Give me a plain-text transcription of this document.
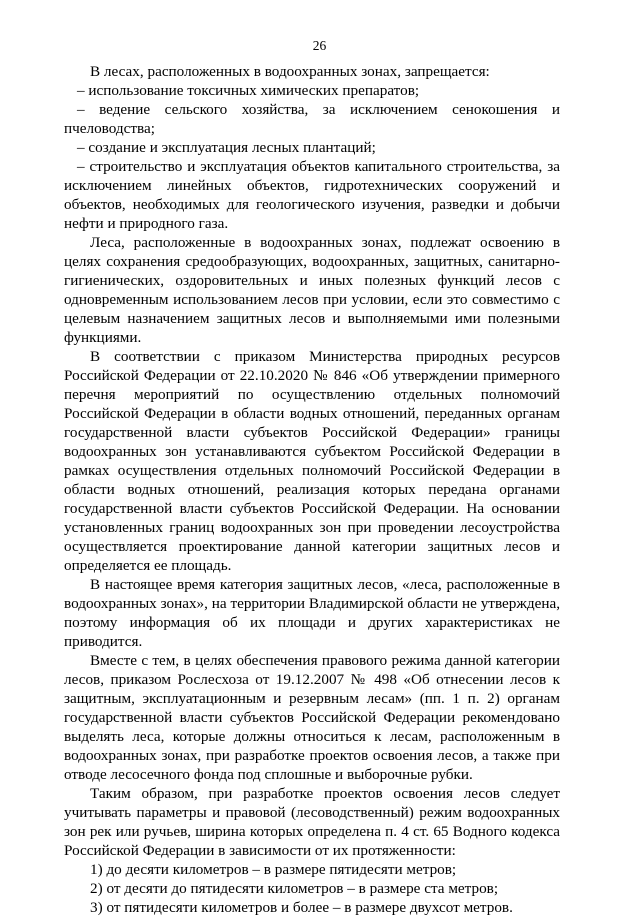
26

В лесах, расположенных в водоохранных зонах, запрещается:

– использование токсичных химических препаратов;

– ведение сельского хозяйства, за исключением сенокошения и пчеловодства;

– создание и эксплуатация лесных плантаций;

– строительство и эксплуатация объектов капитального строительства, за исключением линейных объектов, гидротехнических сооружений и объектов, необходимых для геологического изучения, разведки и добычи нефти и природного газа.

Леса, расположенные в водоохранных зонах, подлежат освоению в целях сохранения средообразующих, водоохранных, защитных, санитарно-гигиенических, оздоровительных и иных полезных функций лесов с одновременным использованием лесов при условии, если это совместимо с целевым назначением защитных лесов и выполняемыми ими полезными функциями.

В соответствии с приказом Министерства природных ресурсов Российской Федерации от 22.10.2020 № 846 «Об утверждении примерного перечня мероприятий по осуществлению отдельных полномочий Российской Федерации в области водных отношений, переданных органам государственной власти субъектов Российской Федерации» границы водоохранных зон устанавливаются субъектом Российской Федерации в рамках осуществления отдельных полномочий Российской Федерации в области водных отношений, реализация которых передана органами государственной власти субъектов Российской Федерации. На основании установленных границ водоохранных зон при проведении лесоустройства осуществляется проектирование данной категории защитных лесов и определяется ее площадь.

В настоящее время категория защитных лесов, «леса, расположенные в водоохранных зонах», на территории Владимирской области не утверждена, поэтому информация об их площади и других характеристиках не приводится.

Вместе с тем, в целях обеспечения правового режима данной категории лесов, приказом Рослесхоза от 19.12.2007 № 498 «Об отнесении лесов к защитным, эксплуатационным и резервным лесам» (пп. 1 п. 2) органам государственной власти субъектов Российской Федерации рекомендовано выделять леса, которые должны относиться к лесам, расположенным в водоохранных зонах, при разработке проектов освоения лесов, а также при отводе лесосечного фонда под сплошные и выборочные рубки.

Таким образом, при разработке проектов освоения лесов следует учитывать параметры и правовой (лесоводственный) режим водоохранных зон рек или ручьев, ширина которых определена п. 4 ст. 65 Водного кодекса Российской Федерации в зависимости от их протяженности:

1) до десяти километров – в размере пятидесяти метров;

2) от десяти до пятидесяти километров – в размере ста метров;

3) от пятидесяти километров и более – в размере двухсот метров.
